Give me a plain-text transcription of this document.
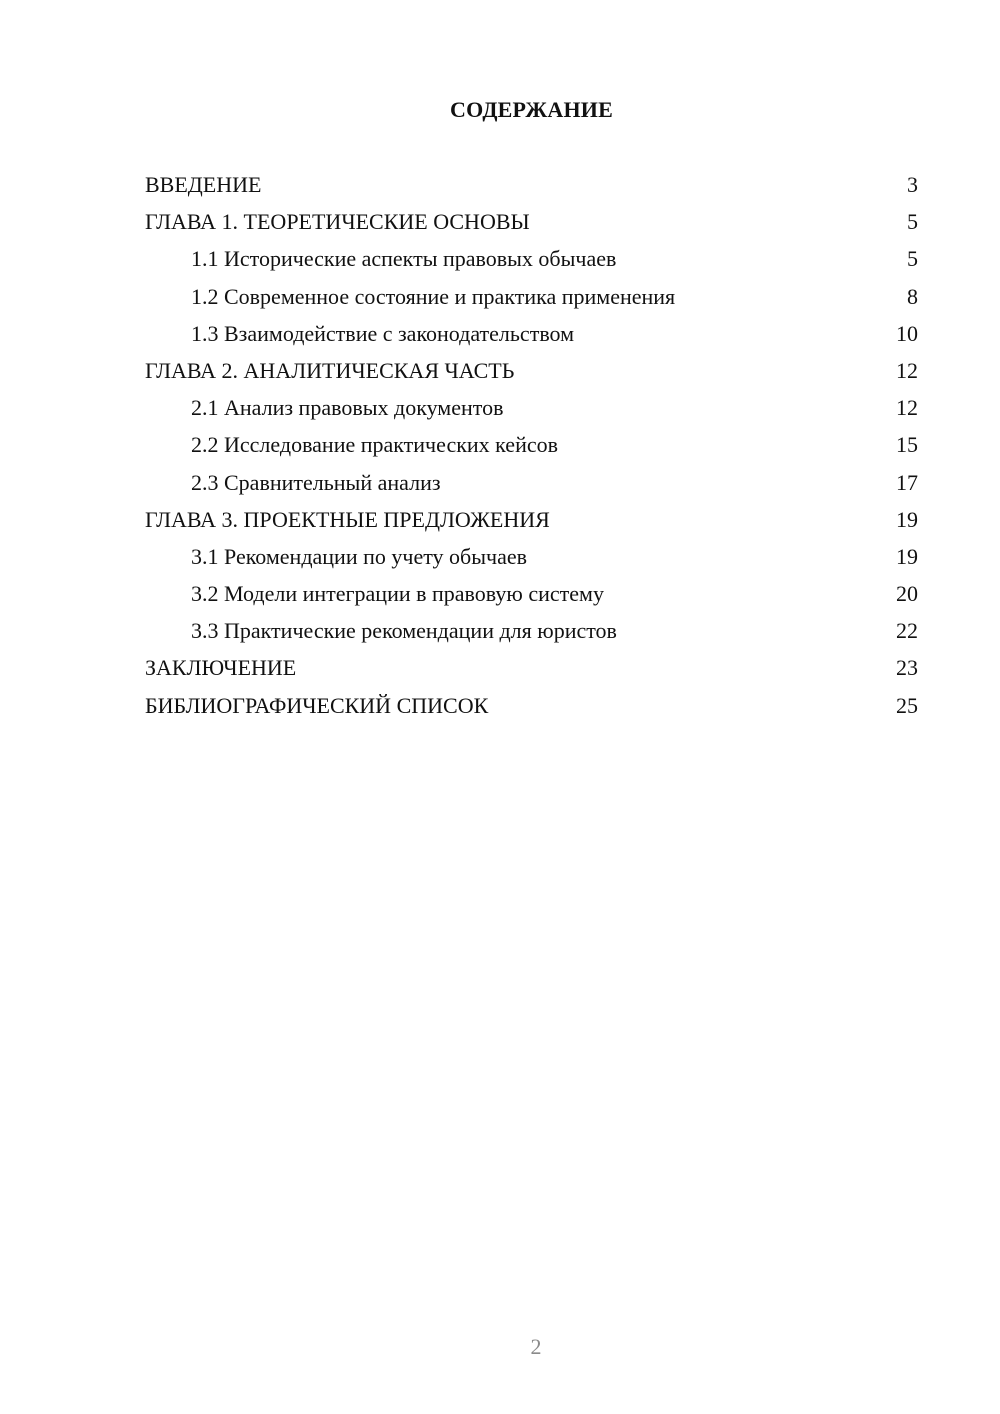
СОДЕРЖАНИЕ
ВВЕДЕНИЕ	3
ГЛАВА 1. ТЕОРЕТИЧЕСКИЕ ОСНОВЫ	5
1.1 Исторические аспекты правовых обычаев	5
1.2 Современное состояние и практика применения	8
1.3 Взаимодействие с законодательством	10
ГЛАВА 2. АНАЛИТИЧЕСКАЯ ЧАСТЬ	12
2.1 Анализ правовых документов	12
2.2 Исследование практических кейсов	15
2.3 Сравнительный анализ	17
ГЛАВА 3. ПРОЕКТНЫЕ ПРЕДЛОЖЕНИЯ	19
3.1 Рекомендации по учету обычаев	19
3.2 Модели интеграции в правовую систему	20
3.3 Практические рекомендации для юристов	22
ЗАКЛЮЧЕНИЕ	23
БИБЛИОГРАФИЧЕСКИЙ СПИСОК	25
2
